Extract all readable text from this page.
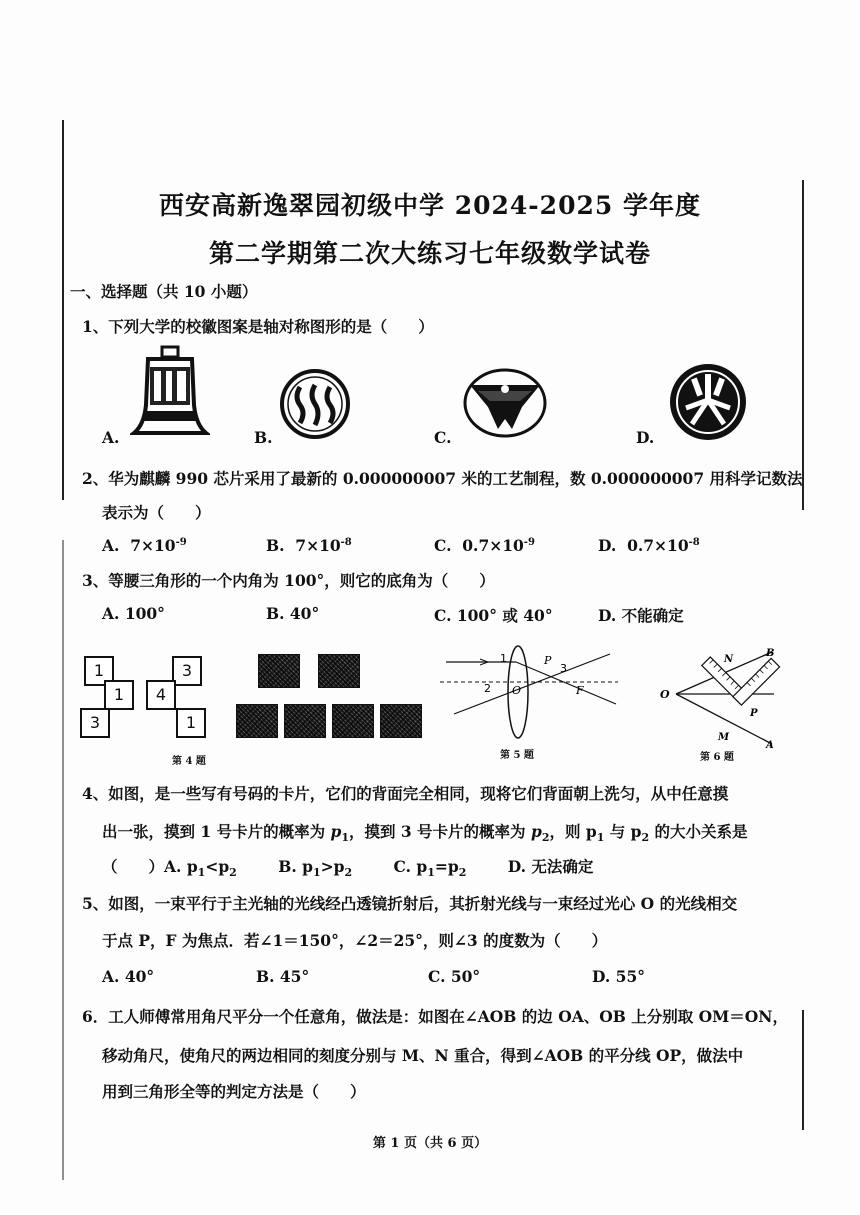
西安高新逸翠园初级中学 2024-2025 学年度
第二学期第二次大练习七年级数学试卷
一、选择题（共 10 小题）
1、下列大学的校徽图案是轴对称图形的是（　　）
A.	B.	C.	D.
2、华为麒麟 990 芯片采用了最新的 0.000000007 米的工艺制程，数 0.000000007 用科学记数法
表示为（　　）
A. $7\times 10^{-9}$	B. $7\times 10^{-8}$	C. $0.7\times 10^{-9}$	D. $0.7\times 10^{-8}$
3、等腰三角形的一个内角为 100°，则它的底角为（　　）
A. 100°	B. 40°	C. 100° 或 40°	D. 不能确定
1	3
1	4
3	1
第 4 题
1	P
3
2 O	F
第 5 题
N
B
O
P
M
A
第 6 题
4、如图，是一些写有号码的卡片，它们的背面完全相同，现将它们背面朝上洗匀，从中任意摸
出一张，摸到 1 号卡片的概率为 $p_1$，摸到 3 号卡片的概率为 $p_2$，则 $p_1$ 与 $p_2$ 的大小关系是
（　　）A. $p_1<p_2$	B. $p_1>p_2$	C. $p_1=p_2$	D. 无法确定
5、如图，一束平行于主光轴的光线经凸透镜折射后，其折射光线与一束经过光心 O 的光线相交
于点 P，F 为焦点．若∠1＝150°，∠2＝25°，则∠3 的度数为（　　）
A. 40°	B. 45°	C. 50°	D. 55°
6．工人师傅常用角尺平分一个任意角，做法是：如图在∠AOB 的边 OA、OB 上分别取 OM＝ON，
移动角尺，使角尺的两边相同的刻度分别与 M、N 重合，得到∠AOB 的平分线 OP，做法中
用到三角形全等的判定方法是（　　）
第 1 页（共 6 页）
